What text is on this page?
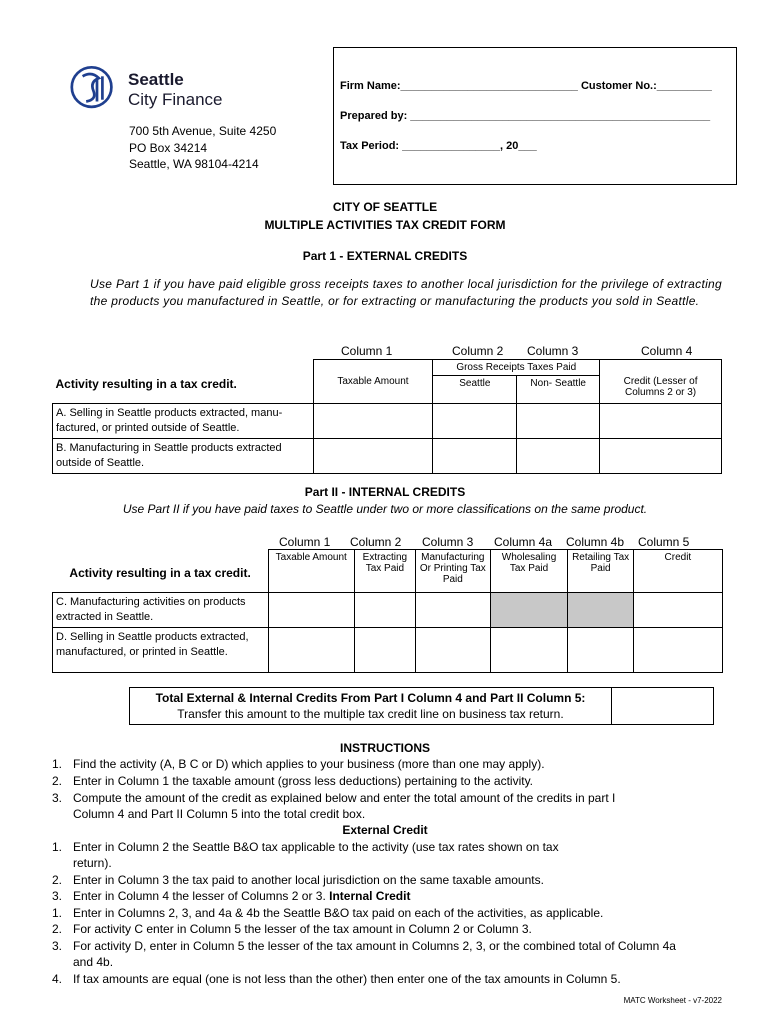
Seattle
City Finance
700 5th Avenue, Suite 4250
PO Box 34214
Seattle, WA 98104-4214
Firm Name:_____________________________ Customer No.:_________
Prepared by: _________________________________________________
Tax Period: ________________, 20___
CITY OF SEATTLE
MULTIPLE ACTIVITIES TAX CREDIT FORM
Part 1 - EXTERNAL CREDITS
Use Part 1 if you have paid eligible gross receipts taxes to another local jurisdiction for the privilege of extracting the products you manufactured in Seattle, or for extracting or manufacturing the products you sold in Seattle.
Column 1	Column 2 Column 3	Column 4
Activity resulting in a tax credit.	Taxable Amount	Gross Receipts Taxes Paid		Credit (Lesser of Columns 2 or 3)
		Seattle	Non- Seattle	
A. Selling in Seattle products extracted, manu-factured, or printed outside of Seattle.				
B. Manufacturing in Seattle products extracted outside of Seattle.				
Part II - INTERNAL CREDITS
Use Part II if you have paid taxes to Seattle under two or more classifications on the same product.
Column 1 Column 2 Column 3 Column 4a Column 4b Column 5
Activity resulting in a tax credit.	Taxable Amount	Extracting Tax Paid	Manufacturing Or Printing Tax Paid	Wholesaling Tax Paid	Retailing Tax Paid	Credit
C. Manufacturing activities on products extracted in Seattle.						
D. Selling in Seattle products extracted, manufactured, or printed in Seattle.						
Total External & Internal Credits From Part I Column 4 and Part II Column 5:
Transfer this amount to the multiple tax credit line on business tax return.

INSTRUCTIONS
1. Find the activity (A, B C or D) which applies to your business (more than one may apply).
2. Enter in Column 1 the taxable amount (gross less deductions) pertaining to the activity.
3. Compute the amount of the credit as explained below and enter the total amount of the credits in part I
Column 4 and Part II Column 5 into the total credit box.
External Credit
1. Enter in Column 2 the Seattle B&O tax applicable to the activity (use tax rates shown on tax
return).
2. Enter in Column 3 the tax paid to another local jurisdiction on the same taxable amounts.
3. Enter in Column 4 the lesser of Columns 2 or 3. Internal Credit
1. Enter in Columns 2, 3, and 4a & 4b the Seattle B&O tax paid on each of the activities, as applicable.
2. For activity C enter in Column 5 the lesser of the tax amount in Column 2 or Column 3.
3. For activity D, enter in Column 5 the lesser of the tax amount in Columns 2, 3, or the combined total of Column 4a
and 4b.
4. If tax amounts are equal (one is not less than the other) then enter one of the tax amounts in Column 5.
MATC Worksheet - v7-2022
